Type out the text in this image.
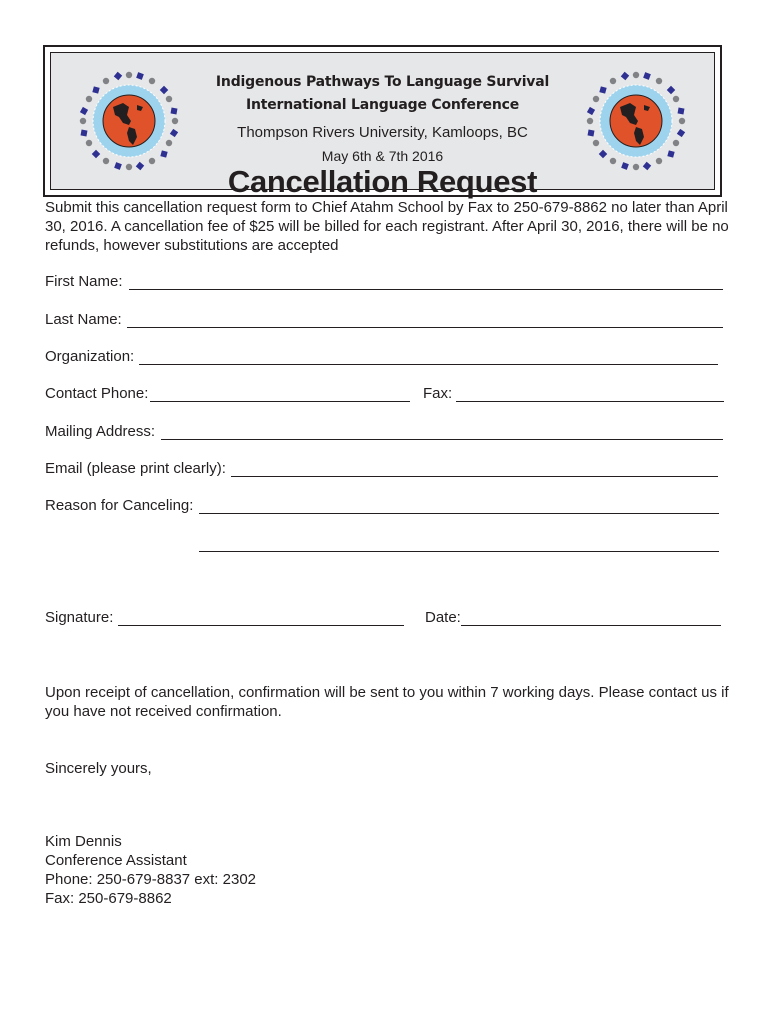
Indigenous Pathways To Language Survival
International Language Conference
Thompson Rivers University, Kamloops, BC
May 6th & 7th 2016
Cancellation Request
Submit this cancellation request form to Chief Atahm School by Fax to 250-679-8862 no later than April 30, 2016. A cancellation fee of $25 will be billed for each registrant. After April 30, 2016, there will be no refunds, however substitutions are accepted
First Name:
Last Name:
Organization:
Contact Phone:	Fax:
Mailing Address:
Email (please print clearly):
Reason for Canceling:
Signature:	Date:
Upon receipt of cancellation, confirmation will be sent to you within 7 working days. Please contact us if you have not received confirmation.
Sincerely yours,
Kim Dennis
Conference Assistant
Phone: 250-679-8837 ext: 2302
Fax: 250-679-8862
